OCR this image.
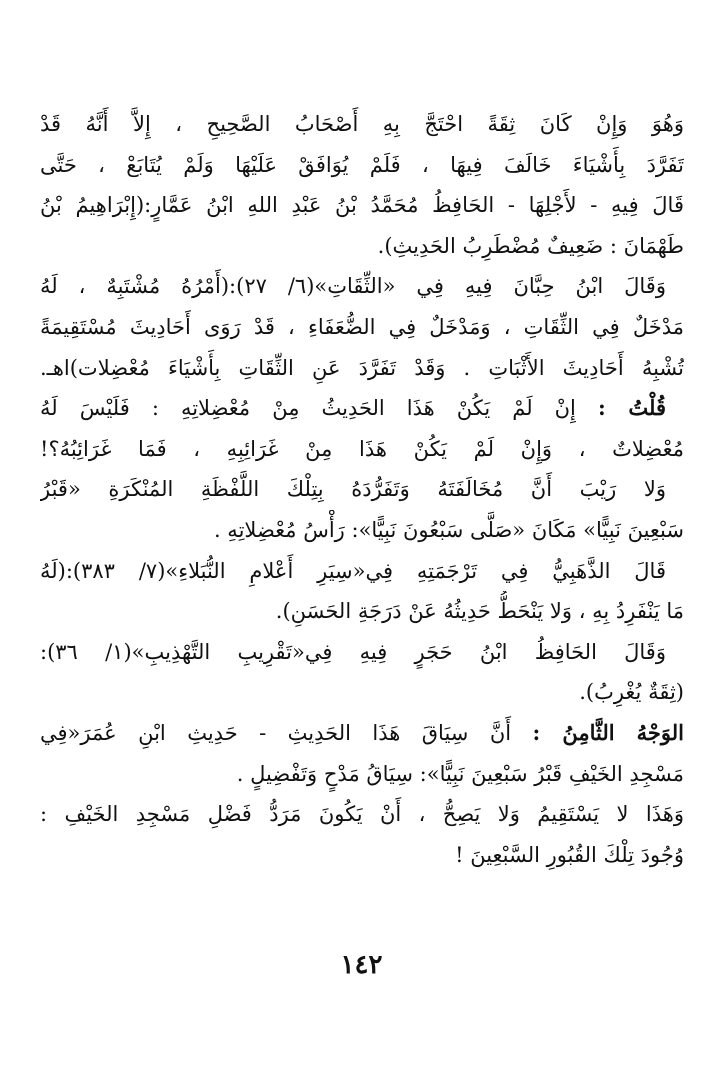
وَهُوَ وَإِنْ كَانَ ثِقَةً احْتَجَّ بِهِ أَصْحَابُ الصَّحِيحِ ، إِلاَّ أَنَّهُ قَدْ
تَفَرَّدَ بِأَشْيَاءَ خَالَفَ فِيهَا ، فَلَمْ يُوَافَقْ عَلَيْهَا وَلَمْ يُتَابَعْ ، حَتَّى
قَالَ فِيهِ - لأَجْلِهَا - الحَافِظُ مُحَمَّدُ بْنُ عَبْدِ اللهِ ابْنُ عَمَّارٍ:(إِبْرَاهِيمُ بْنُ
طَهْمَانَ : ضَعِيفٌ مُضْطَرِبُ الحَدِيثِ).
وَقَالَ ابْنُ حِبَّانَ فِيهِ فِي «الثِّقَاتِ»(٦/ ٢٧):(أَمْرُهُ مُشْتَبِهٌ ، لَهُ
مَدْخَلٌ فِي الثِّقَاتِ ، وَمَدْخَلٌ فِي الضُّعَفَاءِ ، قَدْ رَوَى أَحَادِيثَ مُسْتَقِيمَةً
تُشْبِهُ أَحَادِيثَ الأَثْبَاتِ . وَقَدْ تَفَرَّدَ عَنِ الثِّقَاتِ بِأَشْيَاءَ مُعْضِلات)اهـ.
قُلْتُ : إِنْ لَمْ يَكُنْ هَذَا الحَدِيثُ مِنْ مُعْضِلاتِهِ : فَلَيْسَ لَهُ
مُعْضِلاتٌ ، وَإِنْ لَمْ يَكُنْ هَذَا مِنْ غَرَائِبِهِ ، فَمَا غَرَائِبُهُ؟!
وَلا رَيْبَ أَنَّ مُخَالَفَتَهُ وَتَفَرُّدَهُ بِتِلْكَ اللَّفْظَةِ المُنْكَرَةِ «قَبْرُ
سَبْعِينَ نَبِيًّا» مَكَانَ «صَلَّى سَبْعُونَ نَبِيًّا»: رَأْسُ مُعْضِلاتِهِ .
قَالَ الذَّهَبِيُّ فِي تَرْجَمَتِهِ فِي«سِيَرِ أَعْلامِ النُّبَلاءِ»(٧/ ٣٨٣):(لَهُ
مَا يَنْفَرِدُ بِهِ ، وَلا يَنْحَطُّ حَدِيثُهُ عَنْ دَرَجَةِ الحَسَنِ).
وَقَالَ الحَافِظُ ابْنُ حَجَرٍ فِيهِ فِي«تَقْرِيبِ التَّهْذِيبِ»(١/ ٣٦):
(ثِقَةٌ يُغْرِبُ).
الوَجْهُ الثَّامِنُ : أَنَّ سِيَاقَ هَذَا الحَدِيثِ - حَدِيثِ ابْنِ عُمَرَ«فِي
مَسْجِدِ الخَيْفِ قَبْرُ سَبْعِينَ نَبِيًّا»: سِيَاقُ مَدْحٍ وَتَفْضِيلٍ .
وَهَذَا لا يَسْتَقِيمُ وَلا يَصِحُّ ، أَنْ يَكُونَ مَرَدُّ فَضْلِ مَسْجِدِ الخَيْفِ :
وُجُودَ تِلْكَ القُبُورِ السَّبْعِينَ !
١٤٢
